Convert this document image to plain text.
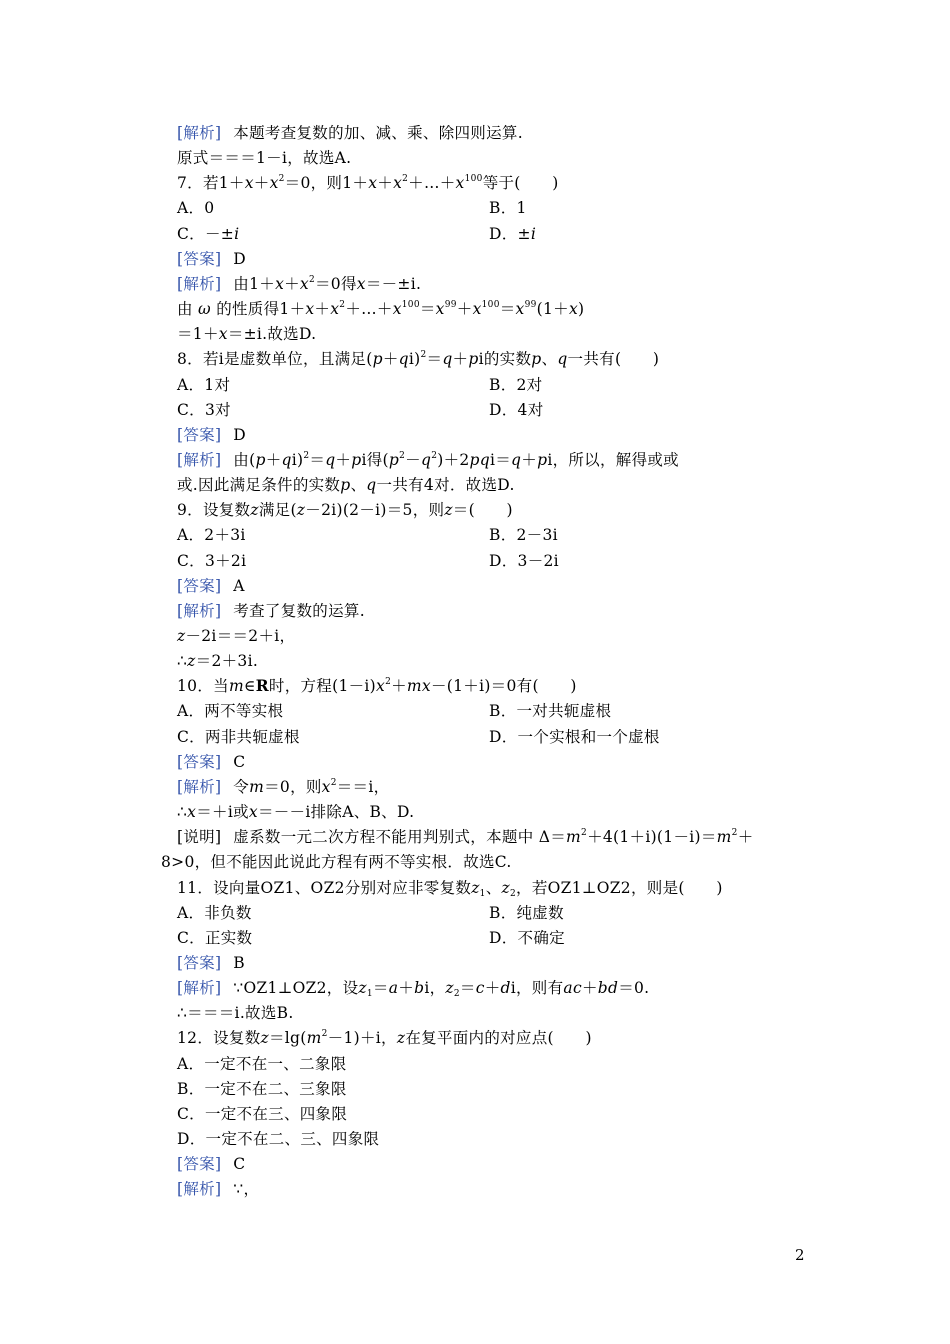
[解析] 本题考查复数的加、减、乘、除四则运算.
原式＝＝＝1－i，故选A.
7．若$1+x+x^2=0$，则$1+x+x^2+\dots+x^{100}$等于(　　)
A．0	B．1
C．－±i	D．±i
[答案] D
[解析] 由$1+x+x^2=0$得x＝－±i.
由 ω 的性质得$1+x+x^2+\dots+x^{100}=x^{99}+x^{100}=x^{99}(1+x)$
＝1＋x＝±i.故选D.
8．若i是虚数单位，且满足$(p+qi)^2=q+pi$的实数p、q一共有(　　)
A．1对	B．2对
C．3对	D．4对
[答案] D
[解析] 由$(p+qi)^2=q+pi$得$(p^2-q^2)+2pqi=q+pi$，所以，解得或或
或.因此满足条件的实数p、q一共有4对．故选D.
9．设复数z满足(z－2i)(2－i)＝5，则z＝(　　)
A．2＋3i	B．2－3i
C．3＋2i	D．3－2i
[答案] A
[解析] 考查了复数的运算.
z－2i＝＝2＋i，
∴z＝2＋3i.
10．当m∈R时，方程$(1-i)x^2+mx-(1+i)=0$有(　　)
A．两不等实根	B．一对共轭虚根
C．两非共轭虚根	D．一个实根和一个虚根
[答案] C
[解析] 令m＝0，则$x^2==i$，
∴x＝＋i或x＝－－i排除A、B、D.
[说明] 虚系数一元二次方程不能用判别式，本题中 $\Delta=m^2+4(1+i)(1-i)=m^2+$
8>0，但不能因此说此方程有两不等实根．故选C.
11．设向量OZ1、OZ2分别对应非零复数$z_1$、$z_2$，若OZ1⊥OZ2，则是(　　)
A．非负数	B．纯虚数
C．正实数	D．不确定
[答案] B
[解析] ∵OZ1⊥OZ2，设$z_1=a+bi$，$z_2=c+di$，则有ac＋bd＝0.
∴＝＝＝i.故选B.
12．设复数$z=\lg(m^2-1)+i$，z在复平面内的对应点(　　)
A．一定不在一、二象限
B．一定不在二、三象限
C．一定不在三、四象限
D．一定不在二、三、四象限
[答案] C
[解析] ∵，
2
